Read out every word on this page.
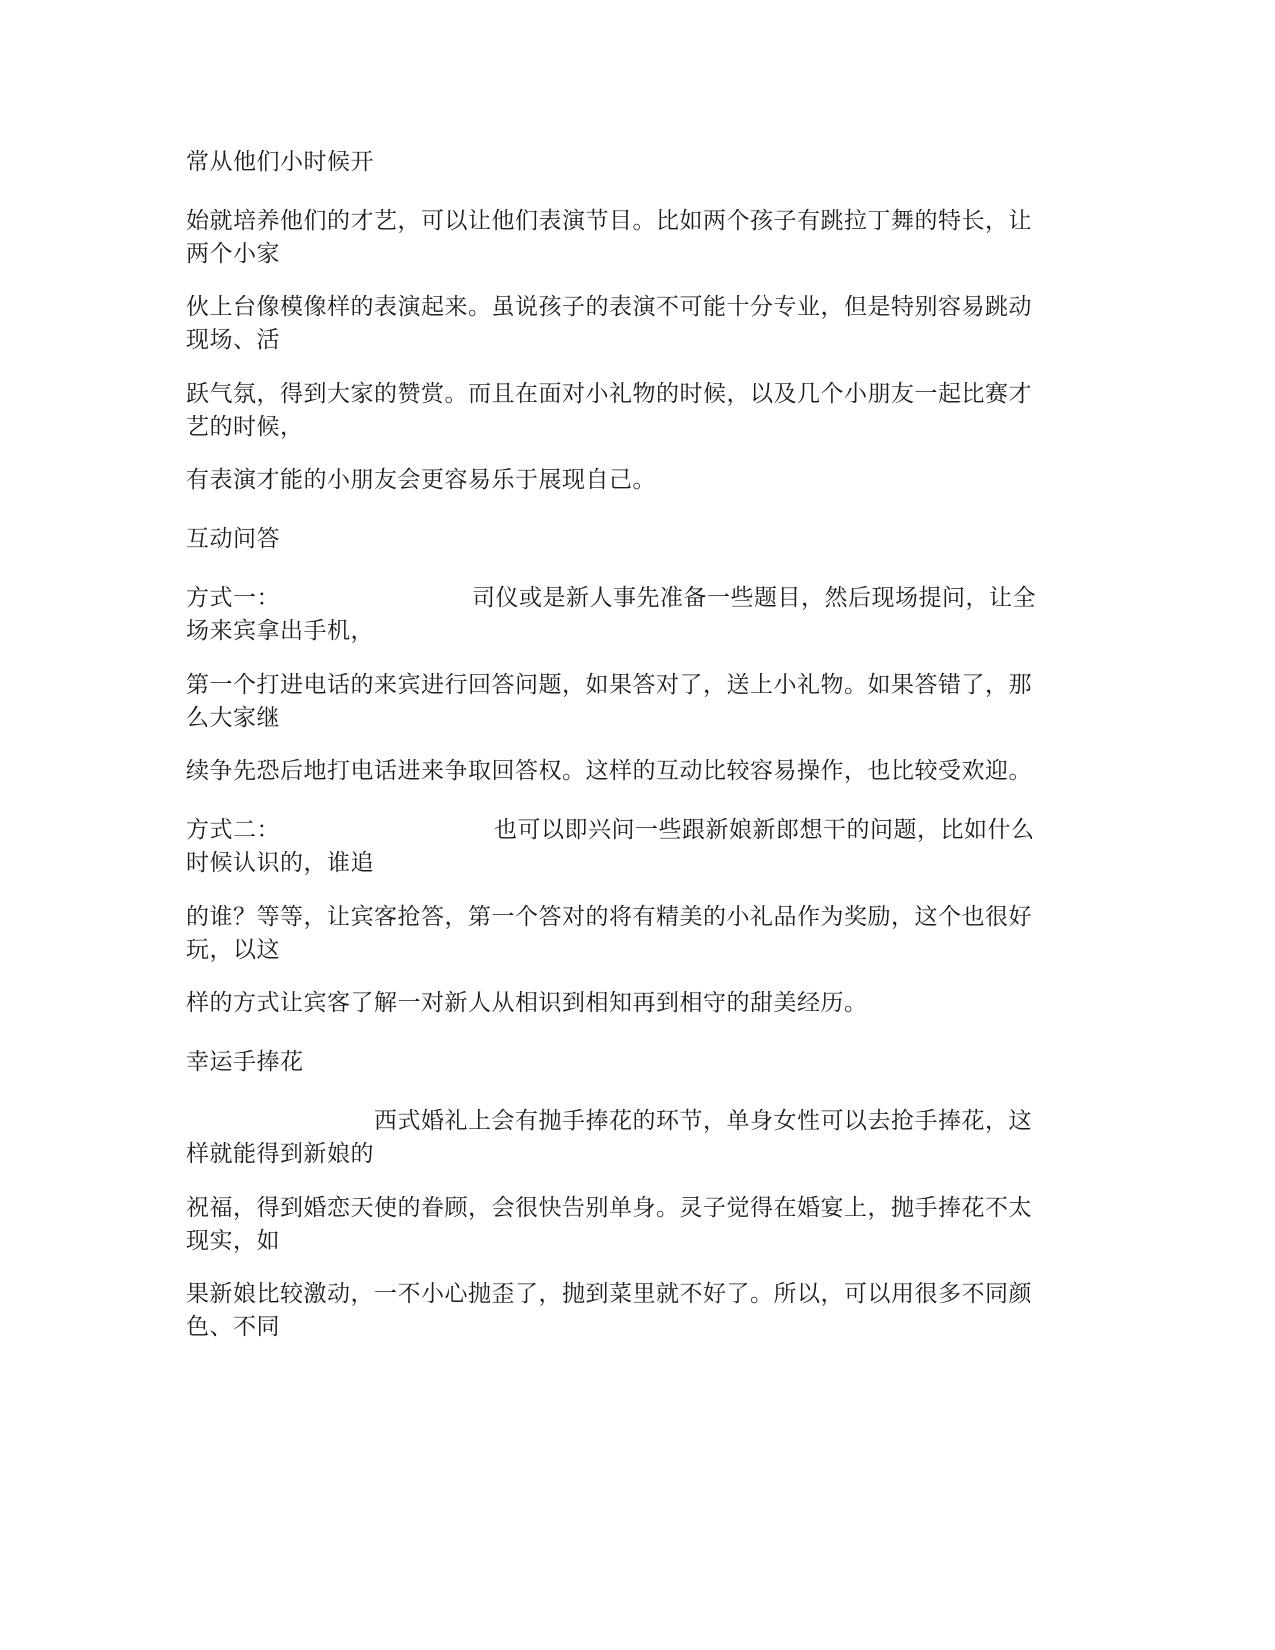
常从他们小时候开
始就培养他们的才艺，可以让他们表演节目。比如两个孩子有跳拉丁舞的特长，让
两个小家
伙上台像模像样的表演起来。虽说孩子的表演不可能十分专业，但是特别容易跳动
现场、活
跃气氛，得到大家的赞赏。而且在面对小礼物的时候，以及几个小朋友一起比赛才
艺的时候，
有表演才能的小朋友会更容易乐于展现自己。
互动问答
方式一：	司仪或是新人事先准备一些题目，然后现场提问，让全
场来宾拿出手机，
第一个打进电话的来宾进行回答问题，如果答对了，送上小礼物。如果答错了，那
么大家继
续争先恐后地打电话进来争取回答权。这样的互动比较容易操作，也比较受欢迎。
方式二：	也可以即兴问一些跟新娘新郎想干的问题，比如什么
时候认识的，谁追
的谁？等等，让宾客抢答，第一个答对的将有精美的小礼品作为奖励，这个也很好
玩，以这
样的方式让宾客了解一对新人从相识到相知再到相守的甜美经历。
幸运手捧花
西式婚礼上会有抛手捧花的环节，单身女性可以去抢手捧花，这
样就能得到新娘的
祝福，得到婚恋天使的眷顾，会很快告别单身。灵子觉得在婚宴上，抛手捧花不太
现实，如
果新娘比较激动，一不小心抛歪了，抛到菜里就不好了。所以，可以用很多不同颜
色、不同
